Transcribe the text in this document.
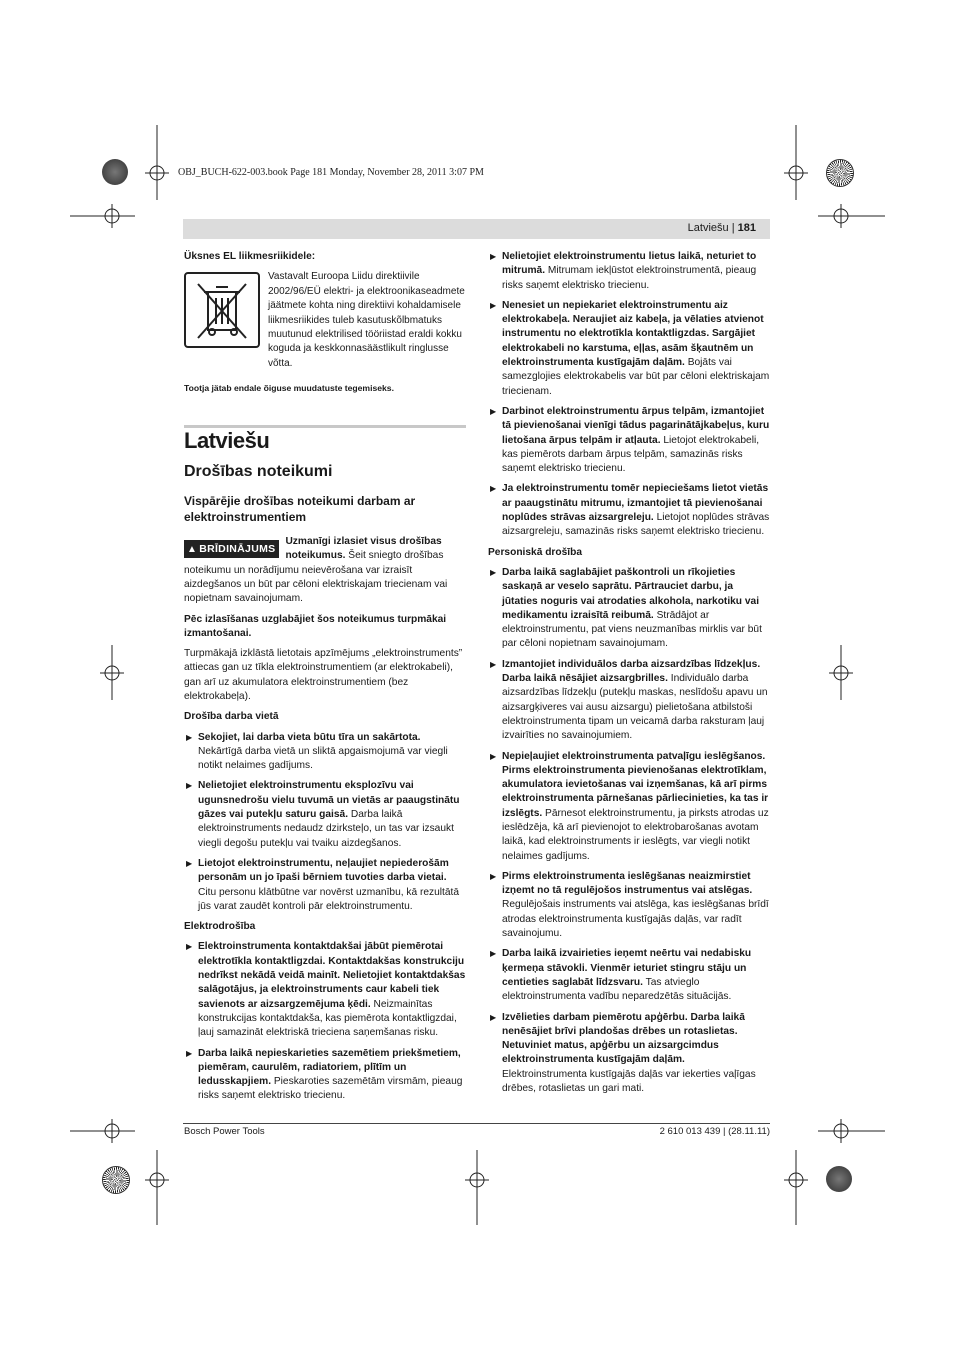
OBJ_BUCH-622-003.book Page 181 Monday, November 28, 2011 3:07 PM
Latviešu | 181

Üksnes EL liikmesriikidele:

Vastavalt Euroopa Liidu direktiivile 2002/96/EÜ elektri- ja elektroonikaseadmete jäätmete kohta ning direktiivi kohaldamisele liikmesriikides tuleb kasutuskõlbmatuks muutunud elektrilised tööriistad eraldi kokku koguda ja keskkonnasäästlikult ringlusse võtta.

Tootja jätab endale õiguse muudatuste tegemiseks.

Latviešu
Drošības noteikumi
Vispārējie drošības noteikumi darbam ar elektroinstrumentiem

▲ BRĪDINĀJUMS
Uzmanīgi izlasiet visus drošības noteikumus. Šeit sniegto drošības noteikumu un norādījumu neievērošana var izraisīt aizdegšanos un būt par cēloni elektriskajam triecienam vai nopietnam savainojumam.

Pēc izlasīšanas uzglabājiet šos noteikumus turpmākai izmantošanai.

Turpmākajā izklāstā lietotais apzīmējums „elektroinstruments” attiecas gan uz tīkla elektroinstrumentiem (ar elektrokabeli), gan arī uz akumulatora elektroinstrumentiem (bez elektrokabeļa).

Drošība darba vietā

▶ Sekojiet, lai darba vieta būtu tīra un sakārtota. Nekārtīgā darba vietā un sliktā apgaismojumā var viegli notikt nelaimes gadījums.
▶ Nelietojiet elektroinstrumentu eksplozīvu vai ugunsnedrošu vielu tuvumā un vietās ar paaugstinātu gāzes vai putekļu saturu gaisā. Darba laikā elektroinstruments nedaudz dzirksteļo, un tas var izsaukt viegli degošu putekļu vai tvaiku aizdegšanos.
▶ Lietojot elektroinstrumentu, neļaujiet nepiederošām personām un jo īpaši bērniem tuvoties darba vietai. Citu personu klātbūtne var novērst uzmanību, kā rezultātā jūs varat zaudēt kontroli pār elektroinstrumentu.

Elektrodrošība

▶ Elektroinstrumenta kontaktdakšai jābūt piemērotai elektrotīkla kontaktligzdai. Kontaktdakšas konstrukciju nedrīkst nekādā veidā mainīt. Nelietojiet kontaktdakšas salāgotājus, ja elektroinstruments caur kabeli tiek savienots ar aizsargzemējuma ķēdi. Neizmainītas konstrukcijas kontaktdakša, kas piemērota kontaktligzdai, ļauj samazināt elektriskā trieciena saņemšanas risku.
▶ Darba laikā nepieskarieties sazemētiem priekšmetiem, piemēram, caurulēm, radiatoriem, plītīm un ledusskapjiem. Pieskaroties sazemētām virsmām, pieaug risks saņemt elektrisko triecienu.
▶ Nelietojiet elektroinstrumentu lietus laikā, neturiet to mitrumā. Mitrumam iekļūstot elektroinstrumentā, pieaug risks saņemt elektrisko triecienu.
▶ Nenesiet un nepiekariet elektroinstrumentu aiz elektrokabeļa. Neraujiet aiz kabeļa, ja vēlaties atvienot instrumentu no elektrotīkla kontaktligzdas. Sargājiet elektrokabeli no karstuma, eļļas, asām šķautnēm un elektroinstrumenta kustīgajām daļām. Bojāts vai samezglojies elektrokabelis var būt par cēloni elektriskajam triecienam.
▶ Darbinot elektroinstrumentu ārpus telpām, izmantojiet tā pievienošanai vienīgi tādus pagarinātājkabeļus, kuru lietošana ārpus telpām ir atļauta. Lietojot elektrokabeli, kas piemērots darbam ārpus telpām, samazinās risks saņemt elektrisko triecienu.
▶ Ja elektroinstrumentu tomēr nepieciešams lietot vietās ar paaugstinātu mitrumu, izmantojiet tā pievienošanai noplūdes strāvas aizsargreleju. Lietojot noplūdes strāvas aizsargreleju, samazinās risks saņemt elektrisko triecienu.

Personiskā drošība

▶ Darba laikā saglabājiet paškontroli un rīkojieties saskaņā ar veselo saprātu. Pārtrauciet darbu, ja jūtaties noguris vai atrodaties alkohola, narkotiku vai medikamentu izraisītā reibumā. Strādājot ar elektroinstrumentu, pat viens neuzmanības mirklis var būt par cēloni nopietnam savainojumam.
▶ Izmantojiet individuālos darba aizsardzības līdzekļus. Darba laikā nēsājiet aizsargbrilles. Individuālo darba aizsardzības līdzekļu (putekļu maskas, neslīdošu apavu un aizsargķiveres vai ausu aizsargu) pielietošana atbilstoši elektroinstrumenta tipam un veicamā darba raksturam ļauj izvairīties no savainojumiem.
▶ Nepieļaujiet elektroinstrumenta patvaļīgu ieslēgšanos. Pirms elektroinstrumenta pievienošanas elektrotīklam, akumulatora ievietošanas vai izņemšanas, kā arī pirms elektroinstrumenta pārnešanas pārliecinieties, ka tas ir izslēgts. Pārnesot elektroinstrumentu, ja pirksts atrodas uz ieslēdzēja, kā arī pievienojot to elektrobarošanas avotam laikā, kad elektroinstruments ir ieslēgts, var viegli notikt nelaimes gadījums.
▶ Pirms elektroinstrumenta ieslēgšanas neaizmirstiet izņemt no tā regulējošos instrumentus vai atslēgas. Regulējošais instruments vai atslēga, kas ieslēgšanas brīdī atrodas elektroinstrumenta kustīgajās daļās, var radīt savainojumu.
▶ Darba laikā izvairieties ieņemt neērtu vai nedabisku ķermeņa stāvokli. Vienmēr ieturiet stingru stāju un centieties saglabāt līdzsvaru. Tas atvieglo elektroinstrumenta vadību neparedzētās situācijās.
▶ Izvēlieties darbam piemērotu apģērbu. Darba laikā nenēsājiet brīvi plandošas drēbes un rotaslietas. Netuviniet matus, apģērbu un aizsargcimdus elektroinstrumenta kustīgajām daļām. Elektroinstrumenta kustīgajās daļās var iekerties vaļīgas drēbes, rotaslietas un gari mati.
Bosch Power Tools	2 610 013 439 | (28.11.11)
